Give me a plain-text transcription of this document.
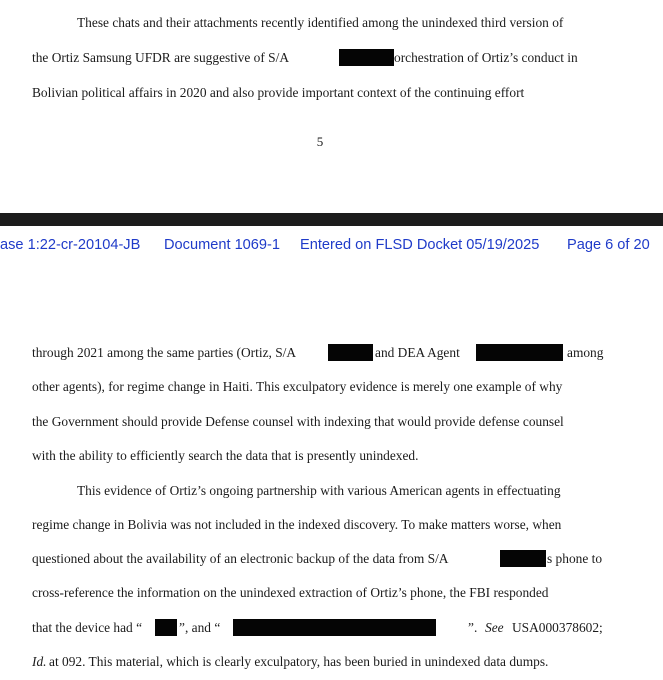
These chats and their attachments recently identified among the unindexed third version of
the Ortiz Samsung UFDR are suggestive of S/A	orchestration of Ortiz’s conduct in
Bolivian political affairs in 2020 and also provide important context of the continuing effort
5
ase 1:22-cr-20104-JB Document 1069-1 Entered on FLSD Docket 05/19/2025 Page 6 of 20
through 2021 among the same parties (Ortiz, S/A	and DEA Agent	among
other agents), for regime change in Haiti. This exculpatory evidence is merely one example of why
the Government should provide Defense counsel with indexing that would provide defense counsel
with the ability to efficiently search the data that is presently unindexed.
This evidence of Ortiz’s ongoing partnership with various American agents in effectuating
regime change in Bolivia was not included in the indexed discovery. To make matters worse, when
questioned about the availability of an electronic backup of the data from S/A	s phone to
cross-reference the information on the unindexed extraction of Ortiz’s phone, the FBI responded
that the device had “	”, and “	”. See USA000378602;
Id. at 092. This material, which is clearly exculpatory, has been buried in unindexed data dumps.
